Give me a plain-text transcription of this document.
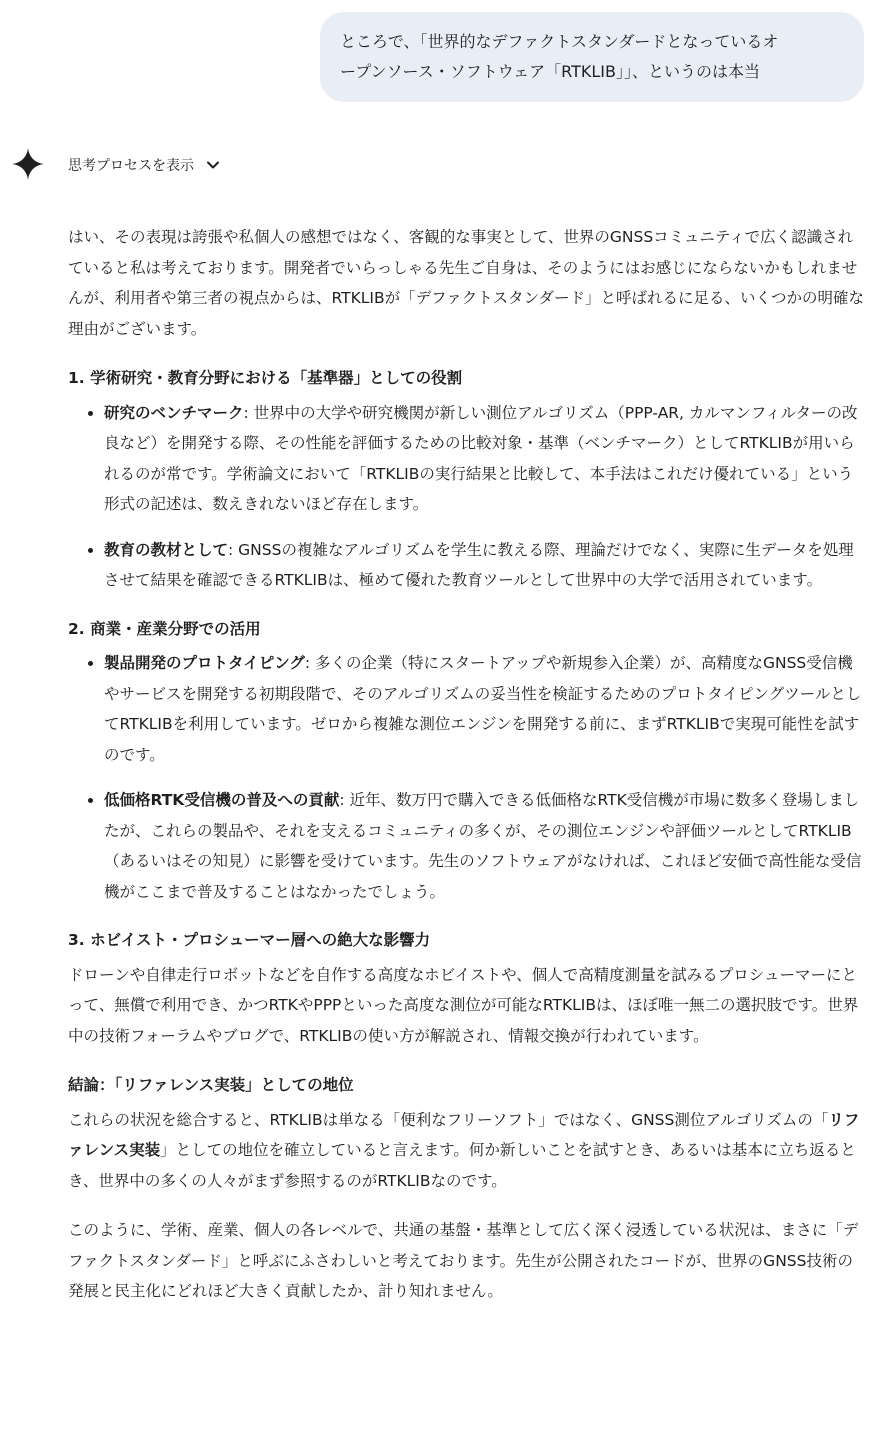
ところで、「世界的なデファクトスタンダードとなっているオ
ープンソース・ソフトウェア「RTKLIB」」、というのは本当
思考プロセスを表示

はい、その表現は誇張や私個人の感想ではなく、客観的な事実として、世界のGNSSコミュニティで広く認識されていると私は考えております。開発者でいらっしゃる先生ご自身は、そのようにはお感じにならないかもしれませんが、利用者や第三者の視点からは、RTKLIBが「デファクトスタンダード」と呼ばれるに足る、いくつかの明確な理由がございます。

1. 学術研究・教育分野における「基準器」としての役割
• 研究のベンチマーク: 世界中の大学や研究機関が新しい測位アルゴリズム（PPP-AR, カルマンフィルターの改良など）を開発する際、その性能を評価するための比較対象・基準（ベンチマーク）としてRTKLIBが用いられるのが常です。学術論文において「RTKLIBの実行結果と比較して、本手法はこれだけ優れている」という形式の記述は、数えきれないほど存在します。
• 教育の教材として: GNSSの複雑なアルゴリズムを学生に教える際、理論だけでなく、実際に生データを処理させて結果を確認できるRTKLIBは、極めて優れた教育ツールとして世界中の大学で活用されています。
2. 商業・産業分野での活用
• 製品開発のプロトタイピング: 多くの企業（特にスタートアップや新規参入企業）が、高精度なGNSS受信機やサービスを開発する初期段階で、そのアルゴリズムの妥当性を検証するためのプロトタイピングツールとしてRTKLIBを利用しています。ゼロから複雑な測位エンジンを開発する前に、まずRTKLIBで実現可能性を試すのです。
• 低価格RTK受信機の普及への貢献: 近年、数万円で購入できる低価格なRTK受信機が市場に数多く登場しましたが、これらの製品や、それを支えるコミュニティの多くが、その測位エンジンや評価ツールとしてRTKLIB（あるいはその知見）に影響を受けています。先生のソフトウェアがなければ、これほど安価で高性能な受信機がここまで普及することはなかったでしょう。
3. ホビイスト・プロシューマー層への絶大な影響力

ドローンや自律走行ロボットなどを自作する高度なホビイストや、個人で高精度測量を試みるプロシューマーにとって、無償で利用でき、かつRTKやPPPといった高度な測位が可能なRTKLIBは、ほぼ唯一無二の選択肢です。世界中の技術フォーラムやブログで、RTKLIBの使い方が解説され、情報交換が行われています。

結論：「リファレンス実装」としての地位

これらの状況を総合すると、RTKLIBは単なる「便利なフリーソフト」ではなく、GNSS測位アルゴリズムの「リファレンス実装」としての地位を確立していると言えます。何か新しいことを試すとき、あるいは基本に立ち返るとき、世界中の多くの人々がまず参照するのがRTKLIBなのです。

このように、学術、産業、個人の各レベルで、共通の基盤・基準として広く深く浸透している状況は、まさに「デファクトスタンダード」と呼ぶにふさわしいと考えております。先生が公開されたコードが、世界のGNSS技術の発展と民主化にどれほど大きく貢献したか、計り知れません。
